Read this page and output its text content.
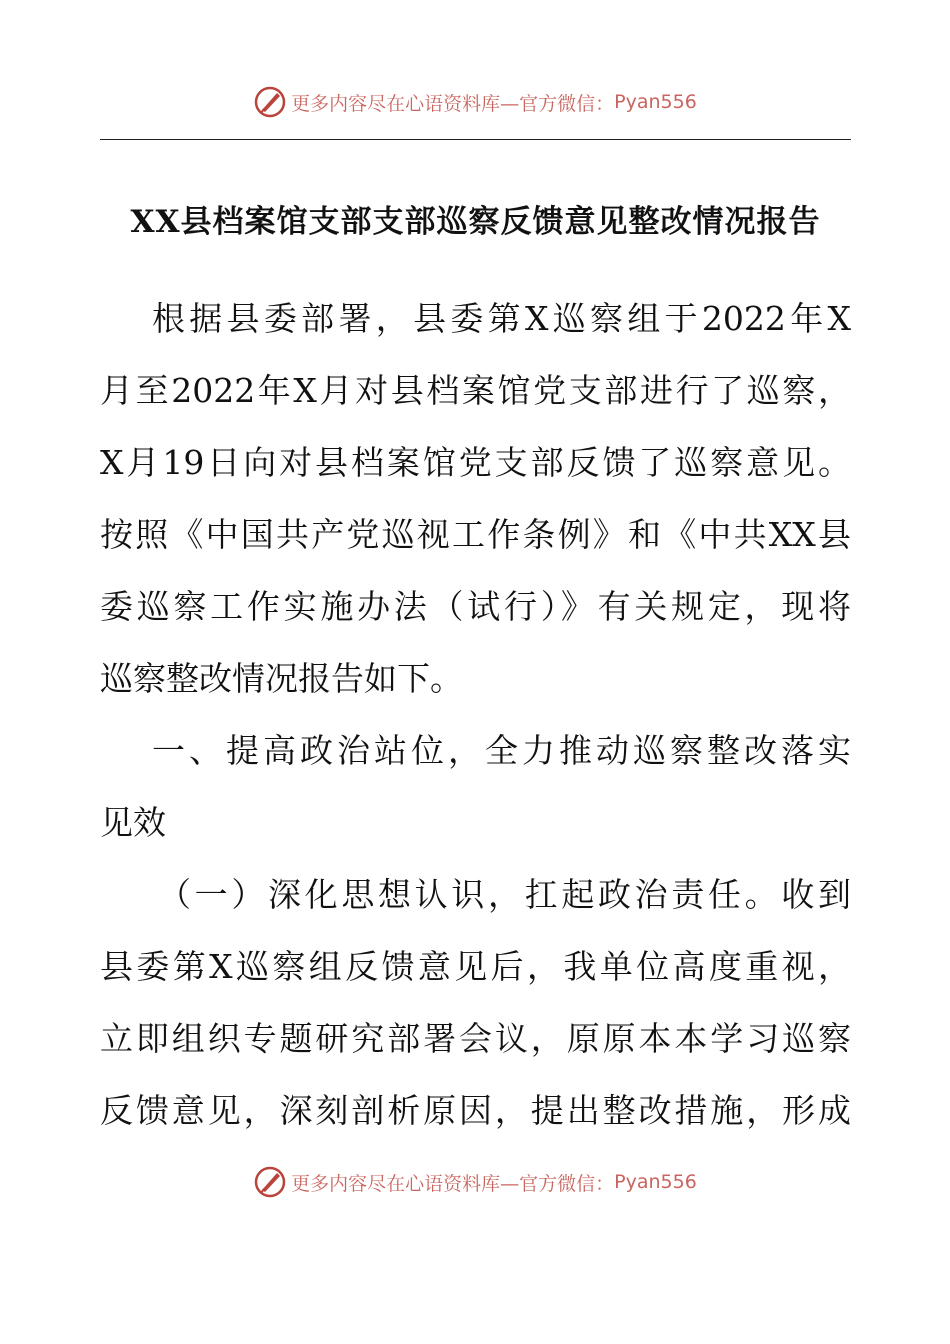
更多内容尽在心语资料库—官方微信： Pyan556
XX县档案馆支部支部巡察反馈意见整改情况报告
根据县委部署，县委第X巡察组于2022年X
月至2022年X月对县档案馆党支部进行了巡察，
X月19日向对县档案馆党支部反馈了巡察意见。
按照《中国共产党巡视工作条例》和《中共XX县
委巡察工作实施办法（试行）》有关规定，现将
巡察整改情况报告如下。
一、提高政治站位，全力推动巡察整改落实
见效
（一）深化思想认识，扛起政治责任。收到
县委第X巡察组反馈意见后，我单位高度重视，
立即组织专题研究部署会议，原原本本学习巡察
反馈意见，深刻剖析原因，提出整改措施，形成
更多内容尽在心语资料库—官方微信： Pyan556
